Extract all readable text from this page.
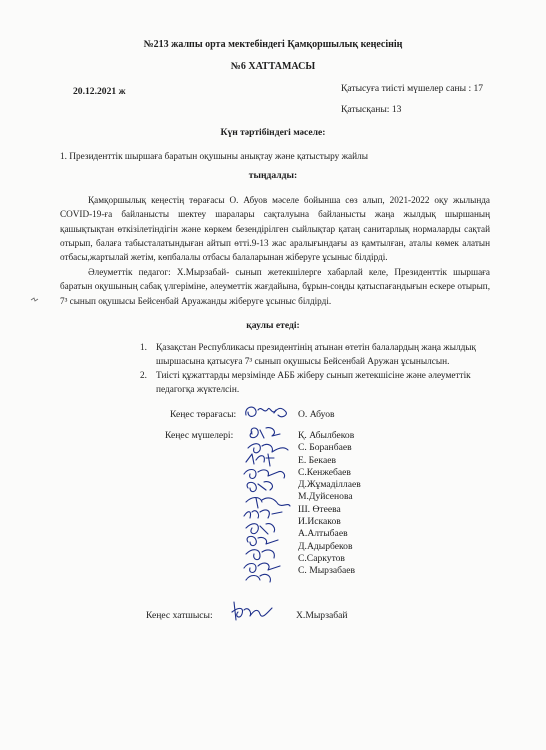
№213 жалпы орта мектебіндегі Қамқоршылық кеңесінің
№6 ХАТТАМАСЫ
20.12.2021 ж	Қатысуға тиісті мүшелер саны : 17
Қатысқаны: 13
Күн тәртібіндегі мәселе:
1. Президенттік шыршаға баратын оқушыны анықтау және қатыстыру жайлы
тыңдалды:
Қамқоршылық кеңестің төрағасы О. Абуов мәселе бойынша сөз алып, 2021-2022 оқу жылында COVID-19-ға байланысты шектеу шаралары сақталуына байланысты жаңа жылдық шыршаның қашықтықтан өткізілетіндігін және көркем безендірілген сыйлықтар қатаң санитарлық нормаларды сақтай отырып, балаға табысталатындыған айтып өтті.9-13 жас аралығындағы аз қамтылған, аталы көмек алатын отбасы,жартылай жетім, көпбалалы отбасы балаларынан жіберуге ұсыныс білдірді.
Әлеуметтік педагог: Х.Мырзабай- сынып жетекшілерге хабарлай келе, Президенттік шыршаға баратын оқушының сабақ үлгеріміне, әлеуметтік жағдайына, бұрын-соңды қатыспағандығын ескере отырып, 7³ сынып оқушысы Бейсенбай Аруажанды жіберуге ұсыныс білдірді.
қаулы етеді:
1. Қазақстан Республикасы президентінің атынан өтетін балалардың жаңа жылдық шыршасына қатысуға 7³ сынып оқушысы Бейсенбай Аружан ұсынылсын.
2. Тиісті құжаттарды мерзімінде АББ жіберу сынып жетекшісіне және әлеуметтік педагогқа жүктелсін.
Кеңес төрағасы:	О. Абуов
Кеңес мүшелері:	Қ. Абылбеков
С. Боранбаев
Е. Бекаев
С.Кенжебаев
Д.Жұмаділлаев
М.Дуйсенова
Ш. Өтеева
И.Искаков
А.Алтыбаев
Д.Адырбеков
С.Саркутов
С. Мырзабаев
Кеңес хатшысы:	Х.Мырзабай
